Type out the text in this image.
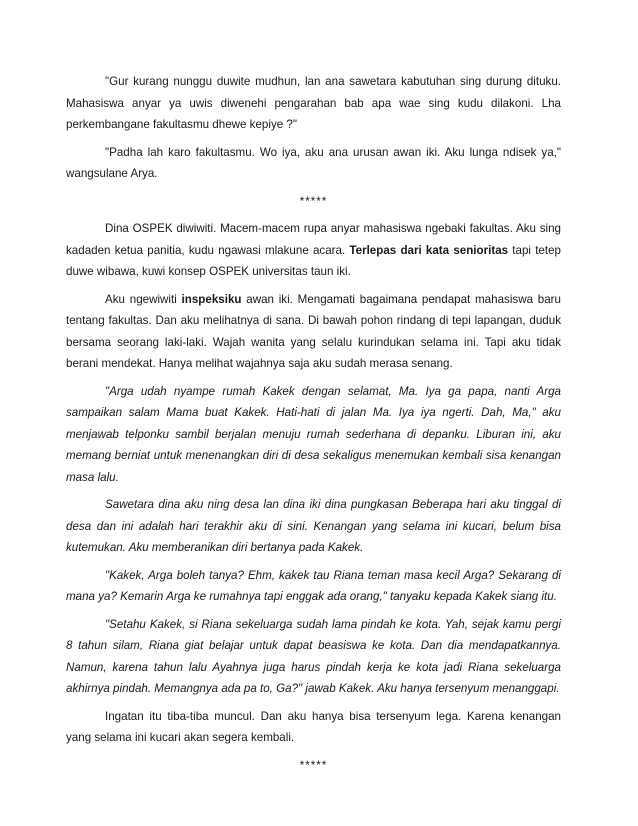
"Gur kurang nunggu duwite mudhun, lan ana sawetara kabutuhan sing durung dituku. Mahasiswa anyar ya uwis diwenehi pengarahan bab apa wae sing kudu dilakoni. Lha perkembangane fakultasmu dhewe kepiye ?"

"Padha lah karo fakultasmu. Wo iya, aku ana urusan awan iki. Aku lunga ndisek ya," wangsulane Arya.

*****

Dina OSPEK diwiwiti. Macem-macem rupa anyar mahasiswa ngebaki fakultas. Aku sing kadaden ketua panitia, kudu ngawasi mlakune acara. Terlepas dari kata senioritas tapi tetep duwe wibawa, kuwi konsep OSPEK universitas taun iki.

Aku ngewiwiti inspeksiku awan iki. Mengamati bagaimana pendapat mahasiswa baru tentang fakultas. Dan aku melihatnya di sana. Di bawah pohon rindang di tepi lapangan, duduk bersama seorang laki-laki. Wajah wanita yang selalu kurindukan selama ini. Tapi aku tidak berani mendekat. Hanya melihat wajahnya saja aku sudah merasa senang.

"Arga udah nyampe rumah Kakek dengan selamat, Ma. Iya ga papa, nanti Arga sampaikan salam Mama buat Kakek. Hati-hati di jalan Ma. Iya iya ngerti. Dah, Ma," aku menjawab telponku sambil berjalan menuju rumah sederhana di depanku. Liburan ini, aku memang berniat untuk menenangkan diri di desa sekaligus menemukan kembali sisa kenangan masa lalu.

Sawetara dina aku ning desa lan dina iki dina pungkasan Beberapa hari aku tinggal di desa dan ini adalah hari terakhir aku di sini. Kenangan yang selama ini kucari, belum bisa kutemukan. Aku memberanikan diri bertanya pada Kakek.

"Kakek, Arga boleh tanya? Ehm, kakek tau Riana teman masa kecil Arga? Sekarang di mana ya? Kemarin Arga ke rumahnya tapi enggak ada orang," tanyaku kepada Kakek siang itu.

"Setahu Kakek, si Riana sekeluarga sudah lama pindah ke kota. Yah, sejak kamu pergi 8 tahun silam, Riana giat belajar untuk dapat beasiswa ke kota. Dan dia mendapatkannya. Namun, karena tahun lalu Ayahnya juga harus pindah kerja ke kota jadi Riana sekeluarga akhirnya pindah. Memangnya ada pa to, Ga?" jawab Kakek. Aku hanya tersenyum menanggapi.

Ingatan itu tiba-tiba muncul. Dan aku hanya bisa tersenyum lega. Karena kenangan yang selama ini kucari akan segera kembali.

*****
